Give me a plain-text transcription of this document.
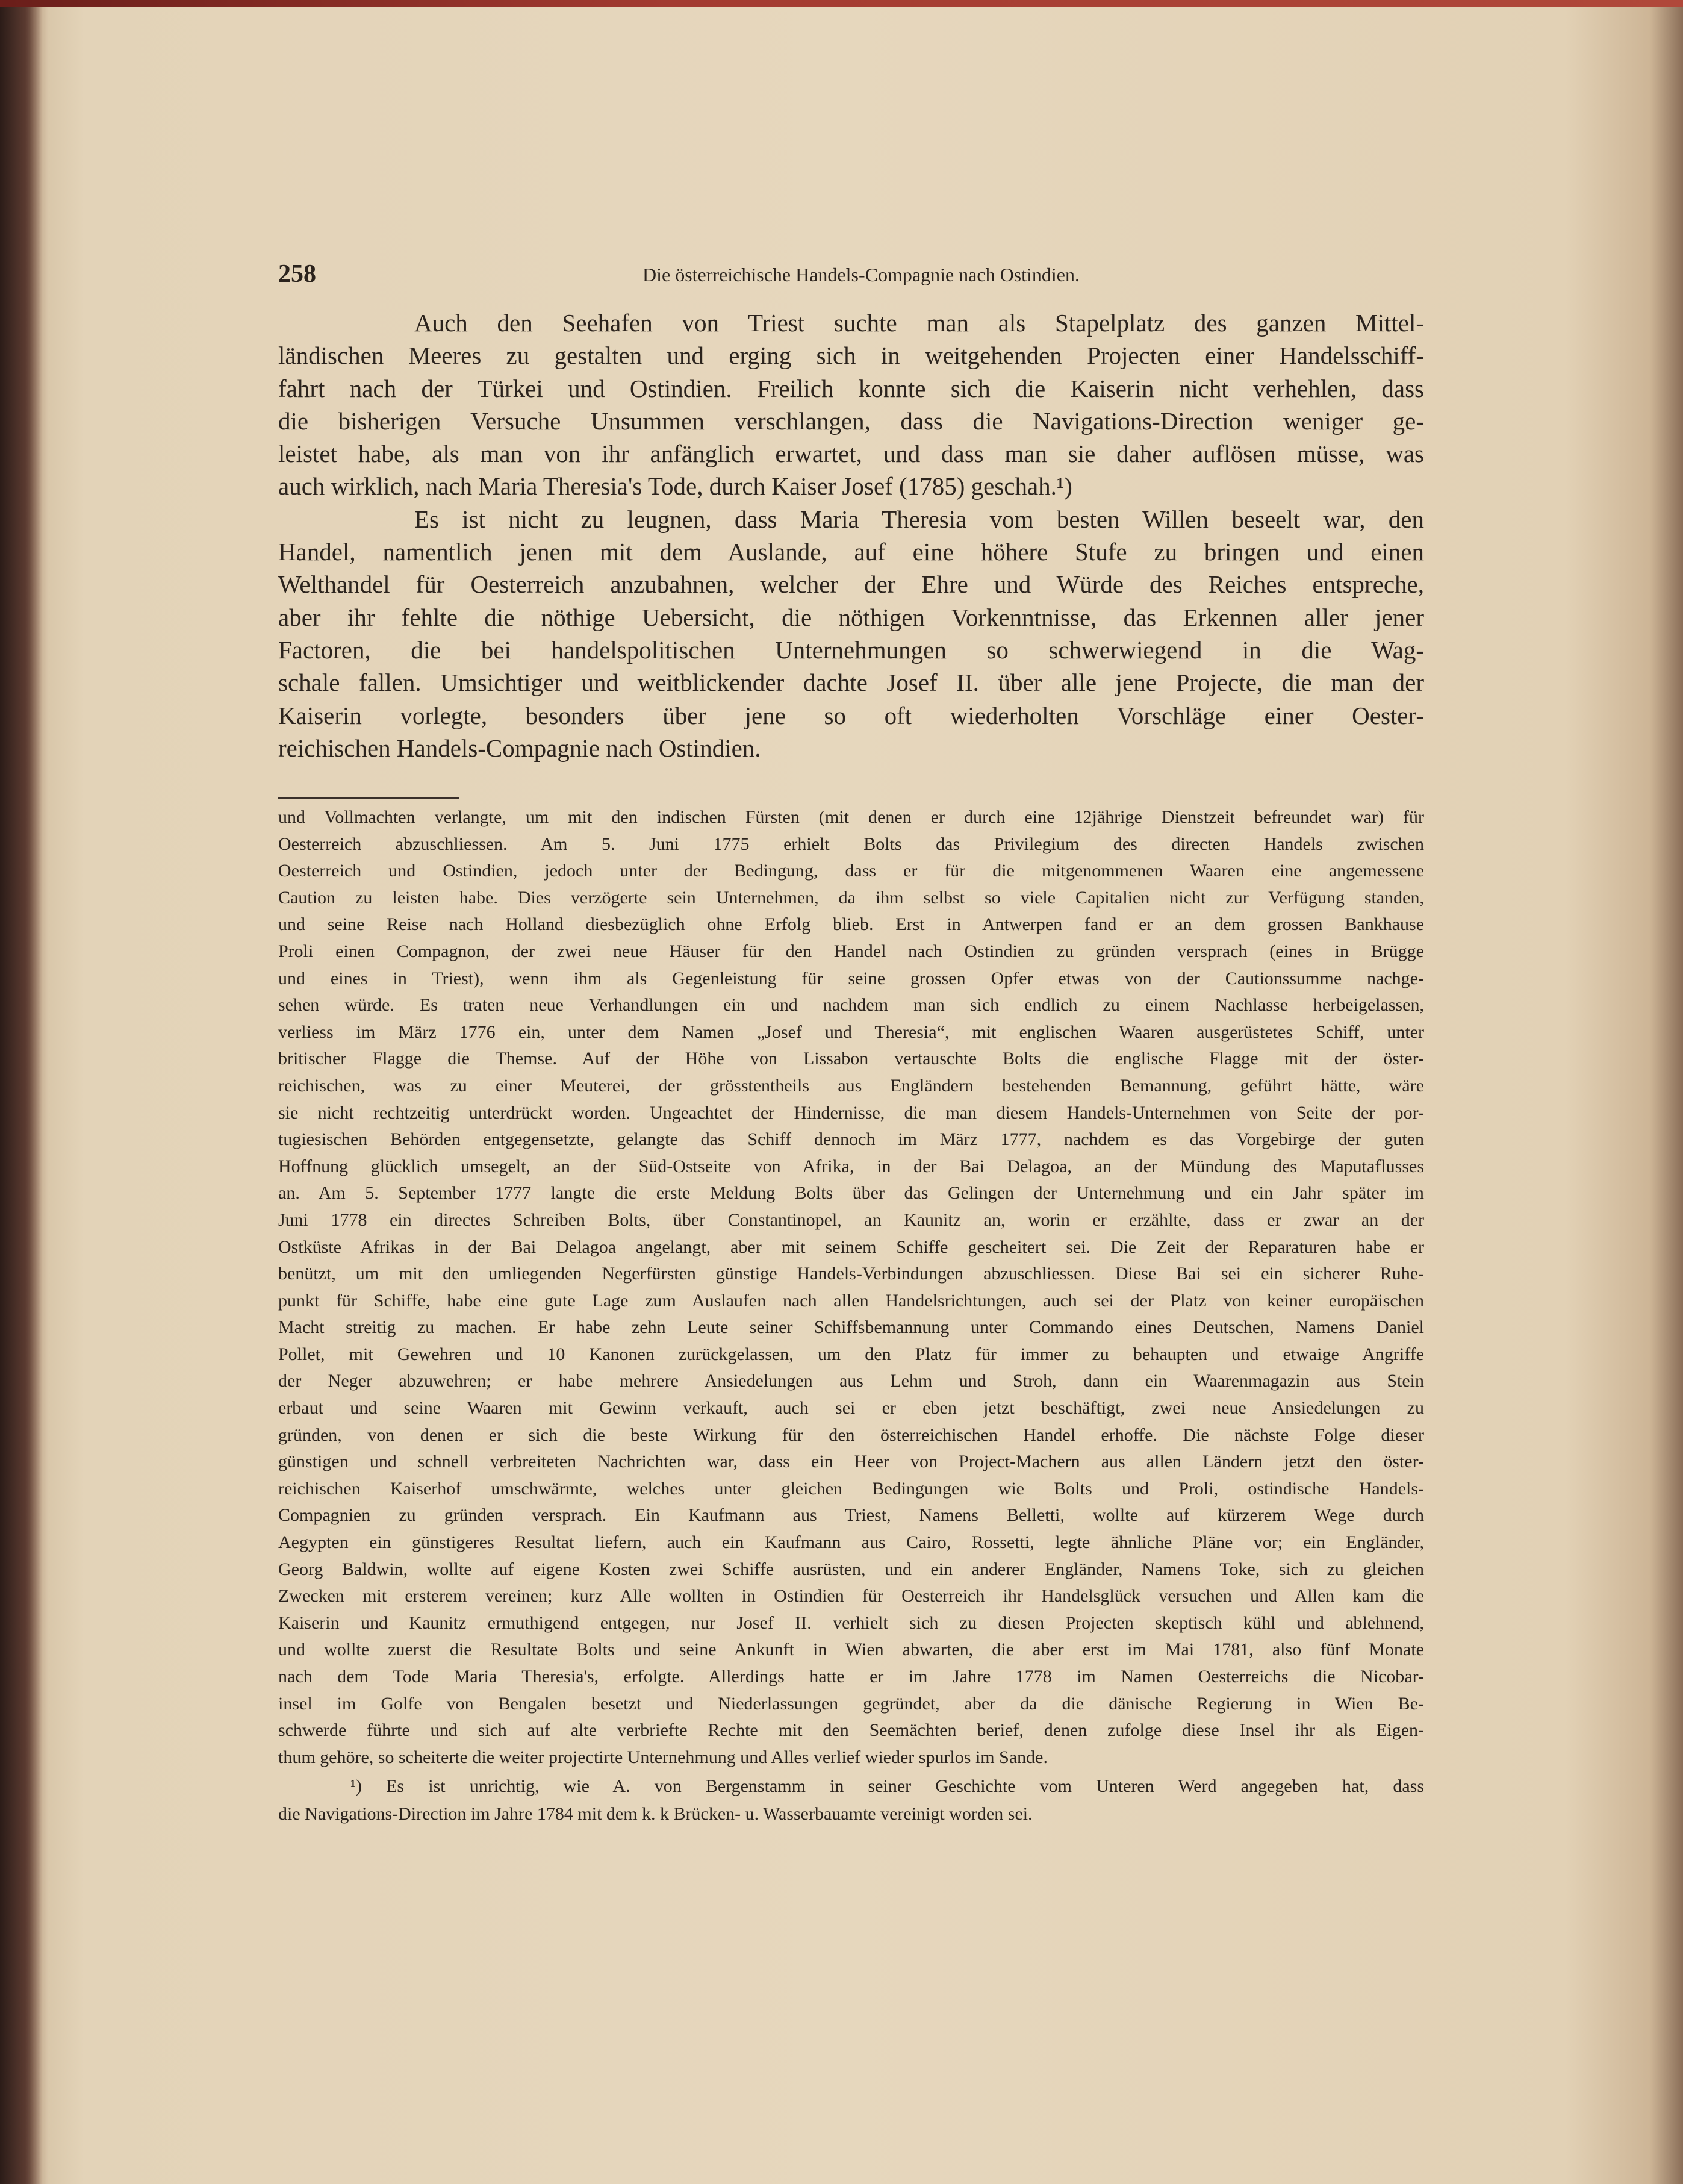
258	Die österreichische Handels-Compagnie nach Ostindien.
Auch den Seehafen von Triest suchte man als Stapelplatz des ganzen Mittel-
ländischen Meeres zu gestalten und erging sich in weitgehenden Projecten einer Handelsschiff-
fahrt nach der Türkei und Ostindien. Freilich konnte sich die Kaiserin nicht verhehlen, dass
die bisherigen Versuche Unsummen verschlangen, dass die Navigations-Direction weniger ge-
leistet habe, als man von ihr anfänglich erwartet, und dass man sie daher auflösen müsse, was
auch wirklich, nach Maria Theresia's Tode, durch Kaiser Josef (1785) geschah.¹)
Es ist nicht zu leugnen, dass Maria Theresia vom besten Willen beseelt war, den
Handel, namentlich jenen mit dem Auslande, auf eine höhere Stufe zu bringen und einen
Welthandel für Oesterreich anzubahnen, welcher der Ehre und Würde des Reiches entspreche,
aber ihr fehlte die nöthige Uebersicht, die nöthigen Vorkenntnisse, das Erkennen aller jener
Factoren, die bei handelspolitischen Unternehmungen so schwerwiegend in die Wag-
schale fallen. Umsichtiger und weitblickender dachte Josef II. über alle jene Projecte, die man der
Kaiserin vorlegte, besonders über jene so oft wiederholten Vorschläge einer Oester-
reichischen Handels-Compagnie nach Ostindien.
und Vollmachten verlangte, um mit den indischen Fürsten (mit denen er durch eine 12jährige Dienstzeit befreundet war) für
Oesterreich abzuschliessen. Am 5. Juni 1775 erhielt Bolts das Privilegium des directen Handels zwischen
Oesterreich und Ostindien, jedoch unter der Bedingung, dass er für die mitgenommenen Waaren eine angemessene
Caution zu leisten habe. Dies verzögerte sein Unternehmen, da ihm selbst so viele Capitalien nicht zur Verfügung standen,
und seine Reise nach Holland diesbezüglich ohne Erfolg blieb. Erst in Antwerpen fand er an dem grossen Bankhause
Proli einen Compagnon, der zwei neue Häuser für den Handel nach Ostindien zu gründen versprach (eines in Brügge
und eines in Triest), wenn ihm als Gegenleistung für seine grossen Opfer etwas von der Cautionssumme nachge-
sehen würde. Es traten neue Verhandlungen ein und nachdem man sich endlich zu einem Nachlasse herbeigelassen,
verliess im März 1776 ein, unter dem Namen „Josef und Theresia“, mit englischen Waaren ausgerüstetes Schiff, unter
britischer Flagge die Themse. Auf der Höhe von Lissabon vertauschte Bolts die englische Flagge mit der öster-
reichischen, was zu einer Meuterei, der grösstentheils aus Engländern bestehenden Bemannung, geführt hätte, wäre
sie nicht rechtzeitig unterdrückt worden. Ungeachtet der Hindernisse, die man diesem Handels-Unternehmen von Seite der por-
tugiesischen Behörden entgegensetzte, gelangte das Schiff dennoch im März 1777, nachdem es das Vorgebirge der guten
Hoffnung glücklich umsegelt, an der Süd-Ostseite von Afrika, in der Bai Delagoa, an der Mündung des Maputaflusses
an. Am 5. September 1777 langte die erste Meldung Bolts über das Gelingen der Unternehmung und ein Jahr später im
Juni 1778 ein directes Schreiben Bolts, über Constantinopel, an Kaunitz an, worin er erzählte, dass er zwar an der
Ostküste Afrikas in der Bai Delagoa angelangt, aber mit seinem Schiffe gescheitert sei. Die Zeit der Reparaturen habe er
benützt, um mit den umliegenden Negerfürsten günstige Handels-Verbindungen abzuschliessen. Diese Bai sei ein sicherer Ruhe-
punkt für Schiffe, habe eine gute Lage zum Auslaufen nach allen Handelsrichtungen, auch sei der Platz von keiner europäischen
Macht streitig zu machen. Er habe zehn Leute seiner Schiffsbemannung unter Commando eines Deutschen, Namens Daniel
Pollet, mit Gewehren und 10 Kanonen zurückgelassen, um den Platz für immer zu behaupten und etwaige Angriffe
der Neger abzuwehren; er habe mehrere Ansiedelungen aus Lehm und Stroh, dann ein Waarenmagazin aus Stein
erbaut und seine Waaren mit Gewinn verkauft, auch sei er eben jetzt beschäftigt, zwei neue Ansiedelungen zu
gründen, von denen er sich die beste Wirkung für den österreichischen Handel erhoffe. Die nächste Folge dieser
günstigen und schnell verbreiteten Nachrichten war, dass ein Heer von Project-Machern aus allen Ländern jetzt den öster-
reichischen Kaiserhof umschwärmte, welches unter gleichen Bedingungen wie Bolts und Proli, ostindische Handels-
Compagnien zu gründen versprach. Ein Kaufmann aus Triest, Namens Belletti, wollte auf kürzerem Wege durch
Aegypten ein günstigeres Resultat liefern, auch ein Kaufmann aus Cairo, Rossetti, legte ähnliche Pläne vor; ein Engländer,
Georg Baldwin, wollte auf eigene Kosten zwei Schiffe ausrüsten, und ein anderer Engländer, Namens Toke, sich zu gleichen
Zwecken mit ersterem vereinen; kurz Alle wollten in Ostindien für Oesterreich ihr Handelsglück versuchen und Allen kam die
Kaiserin und Kaunitz ermuthigend entgegen, nur Josef II. verhielt sich zu diesen Projecten skeptisch kühl und ablehnend,
und wollte zuerst die Resultate Bolts und seine Ankunft in Wien abwarten, die aber erst im Mai 1781, also fünf Monate
nach dem Tode Maria Theresia's, erfolgte. Allerdings hatte er im Jahre 1778 im Namen Oesterreichs die Nicobar-
insel im Golfe von Bengalen besetzt und Niederlassungen gegründet, aber da die dänische Regierung in Wien Be-
schwerde führte und sich auf alte verbriefte Rechte mit den Seemächten berief, denen zufolge diese Insel ihr als Eigen-
thum gehöre, so scheiterte die weiter projectirte Unternehmung und Alles verlief wieder spurlos im Sande.
¹) Es ist unrichtig, wie A. von Bergenstamm in seiner Geschichte vom Unteren Werd angegeben hat, dass
die Navigations-Direction im Jahre 1784 mit dem k. k Brücken- u. Wasserbauamte vereinigt worden sei.
